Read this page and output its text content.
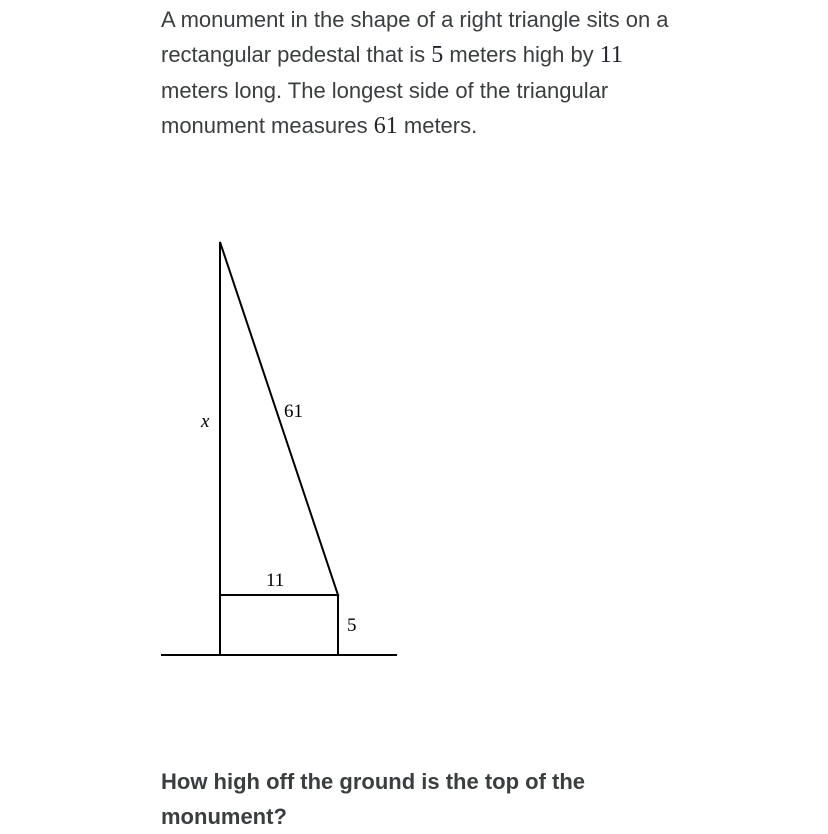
A monument in the shape of a right triangle sits on a rectangular pedestal that is 5 meters high by 11 meters long. The longest side of the triangular monument measures 61 meters.
x	61
11
5
How high off the ground is the top of the monument?
